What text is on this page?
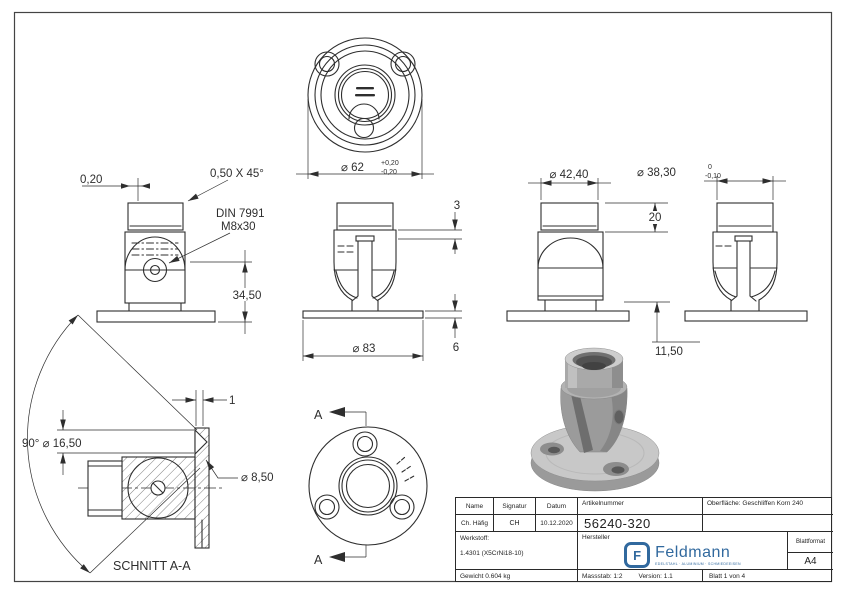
⌀ 62 +0,20
-0,20
0,20	0,50 X 45°
DIN 7991
M8x30
34,50
3
⌀ 83	6
⌀ 42,40	⌀ 38,30	0
-0,10
20
11,50
90° ⌀ 16,50
1
⌀ 8,50
SCHNITT A-A
A
A
Name	Signatur	Datum	Artikelnummer	Oberfläche: Geschliffen Korn 240
Ch. Häfig	CH	10.12.2020 56240-320
Werkstoff:
1.4301 (X5CrNi18-10)
Hersteller
F Feldmann
EDELSTAHL · ALUMINIUM · SCHMIEDEEISEN
Blattformat
A4
Gewicht 0.604 kg	Massstab: 1:2 Version: 1.1	Blatt 1 von 4
